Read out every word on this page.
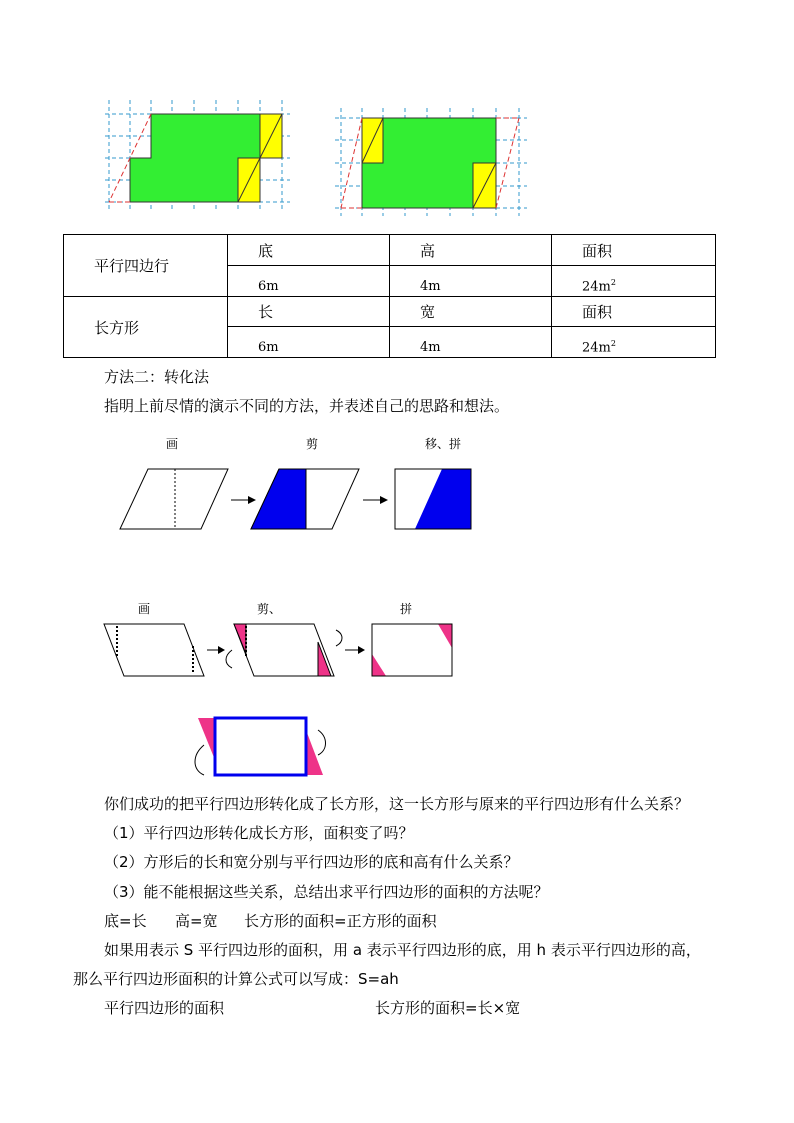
平行四边行	底	高	面积
	6m	4m	$24m^2$
长方形	长	宽	面积
	6m	4m	$24m^2$
方法二：转化法
指明上前尽情的演示不同的方法，并表述自己的思路和想法。
画	剪	移、拼
画	剪、	拼
你们成功的把平行四边形转化成了长方形，这一长方形与原来的平行四边形有什么关系？
（1）平行四边形转化成长方形，面积变了吗？
（2）方形后的长和宽分别与平行四边形的底和高有什么关系？
（3）能不能根据这些关系，总结出求平行四边形的面积的方法呢？
底=长 高=宽 长方形的面积=正方形的面积
如果用表示 S 平行四边形的面积，用 a 表示平行四边形的底，用 h 表示平行四边形的高，
那么平行四边形面积的计算公式可以写成：S=ah
平行四边形的面积	长方形的面积=长×宽
